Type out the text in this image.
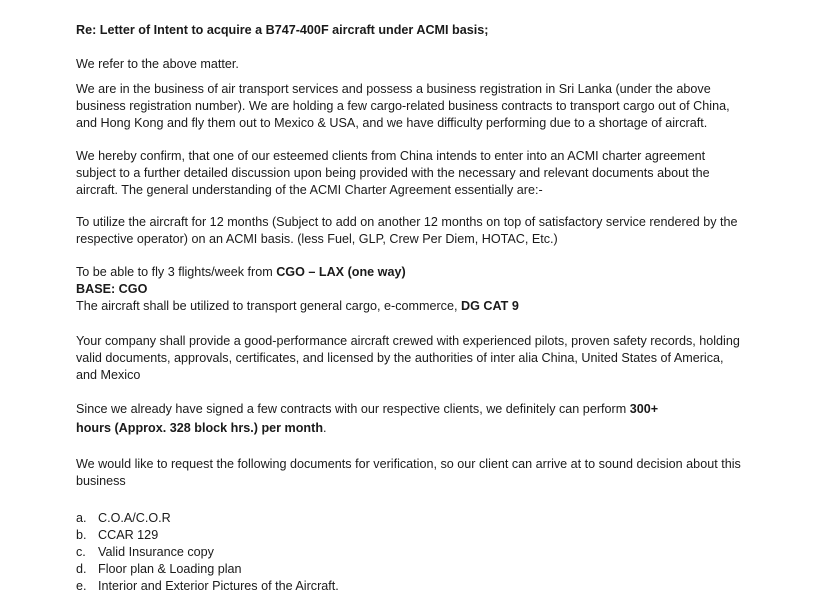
Re: Letter of Intent to acquire a B747-400F aircraft under ACMI basis;

We refer to the above matter.

We are in the business of air transport services and possess a business registration in Sri Lanka (under the above business registration number). We are holding a few cargo-related business contracts to transport cargo out of China, and Hong Kong and fly them out to Mexico & USA, and we have difficulty performing due to a shortage of aircraft.

We hereby confirm, that one of our esteemed clients from China intends to enter into an ACMI charter agreement subject to a further detailed discussion upon being provided with the necessary and relevant documents about the aircraft. The general understanding of the ACMI Charter Agreement essentially are:-

To utilize the aircraft for 12 months (Subject to add on another 12 months on top of satisfactory service rendered by the respective operator) on an ACMI basis. (less Fuel, GLP, Crew Per Diem, HOTAC, Etc.)

To be able to fly 3 flights/week from CGO – LAX (one way)

BASE: CGO

The aircraft shall be utilized to transport general cargo, e-commerce, DG CAT 9

Your company shall provide a good-performance aircraft crewed with experienced pilots, proven safety records, holding valid documents, approvals, certificates, and licensed by the authorities of inter alia China, United States of America, and Mexico

Since we already have signed a few contracts with our respective clients, we definitely can perform 300+

hours (Approx. 328 block hrs.) per month.

We would like to request the following documents for verification, so our client can arrive at to sound decision about this business

a. C.O.A/C.O.R
b. CCAR 129
c. Valid Insurance copy
d. Floor plan & Loading plan
e. Interior and Exterior Pictures of the Aircraft.
